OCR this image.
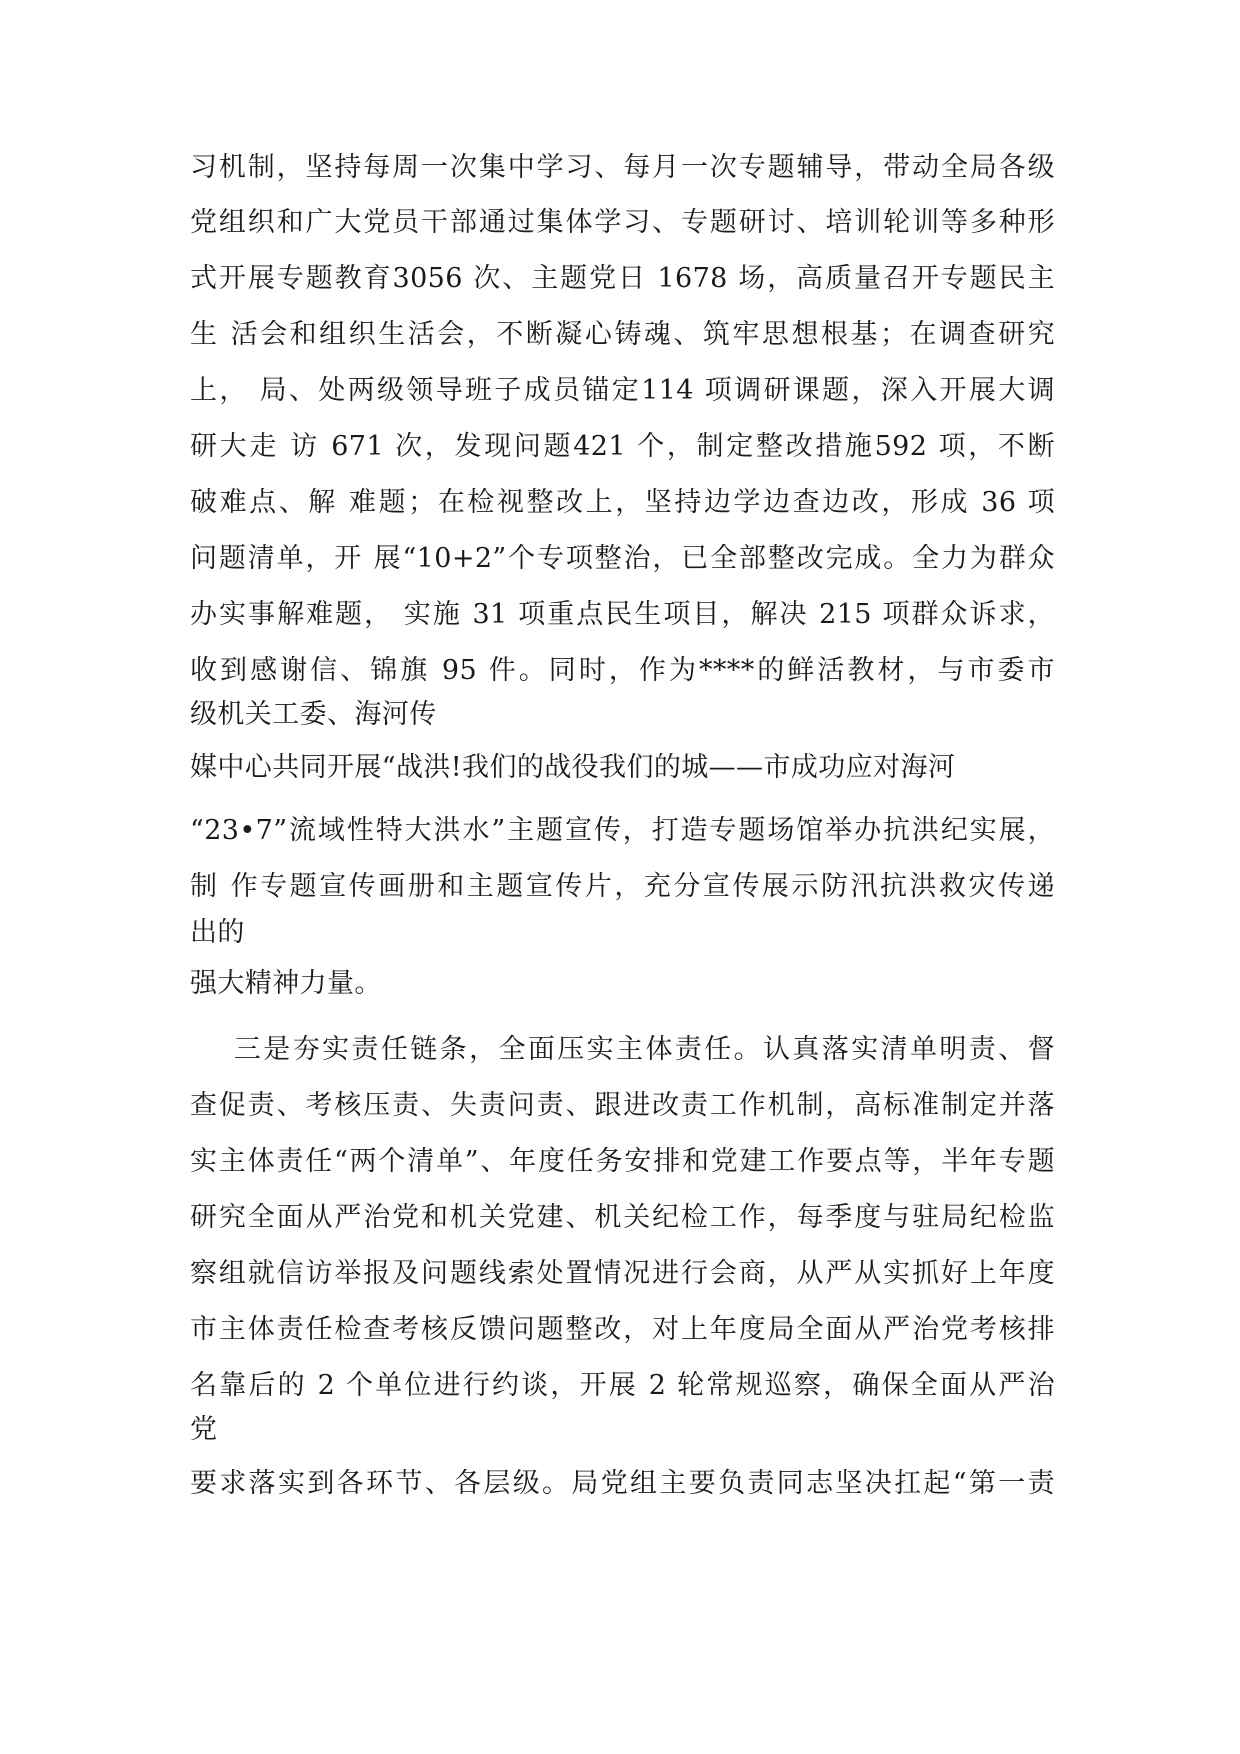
习机制，坚持每周一次集中学习、每月一次专题辅导，带动全局各级
党组织和广大党员干部通过集体学习、专题研讨、培训轮训等多种形
式开展专题教育3056 次、主题党日 1678 场，高质量召开专题民主
生 活会和组织生活会，不断凝心铸魂、筑牢思想根基；在调查研究
上， 局、处两级领导班子成员锚定114 项调研课题，深入开展大调
研大走 访 671 次，发现问题421 个，制定整改措施592 项，不断
破难点、解 难题；在检视整改上，坚持边学边查边改，形成 36 项
问题清单，开 展“10+2”个专项整治，已全部整改完成。全力为群众
办实事解难题， 实施 31 项重点民生项目，解决 215 项群众诉求，
收到感谢信、锦旗 95 件。同时，作为****的鲜活教材，与市委市
级机关工委、海河传
媒中心共同开展“战洪!我们的战役我们的城——市成功应对海河
“23•7”流域性特大洪水”主题宣传，打造专题场馆举办抗洪纪实展，
制 作专题宣传画册和主题宣传片，充分宣传展示防汛抗洪救灾传递
出的
强大精神力量。
三是夯实责任链条，全面压实主体责任。认真落实清单明责、督
查促责、考核压责、失责问责、跟进改责工作机制，高标准制定并落
实主体责任“两个清单”、年度任务安排和党建工作要点等，半年专题
研究全面从严治党和机关党建、机关纪检工作，每季度与驻局纪检监
察组就信访举报及问题线索处置情况进行会商，从严从实抓好上年度
市主体责任检查考核反馈问题整改，对上年度局全面从严治党考核排
名靠后的 2 个单位进行约谈，开展 2 轮常规巡察，确保全面从严治
党
要求落实到各环节、各层级。局党组主要负责同志坚决扛起“第一责
